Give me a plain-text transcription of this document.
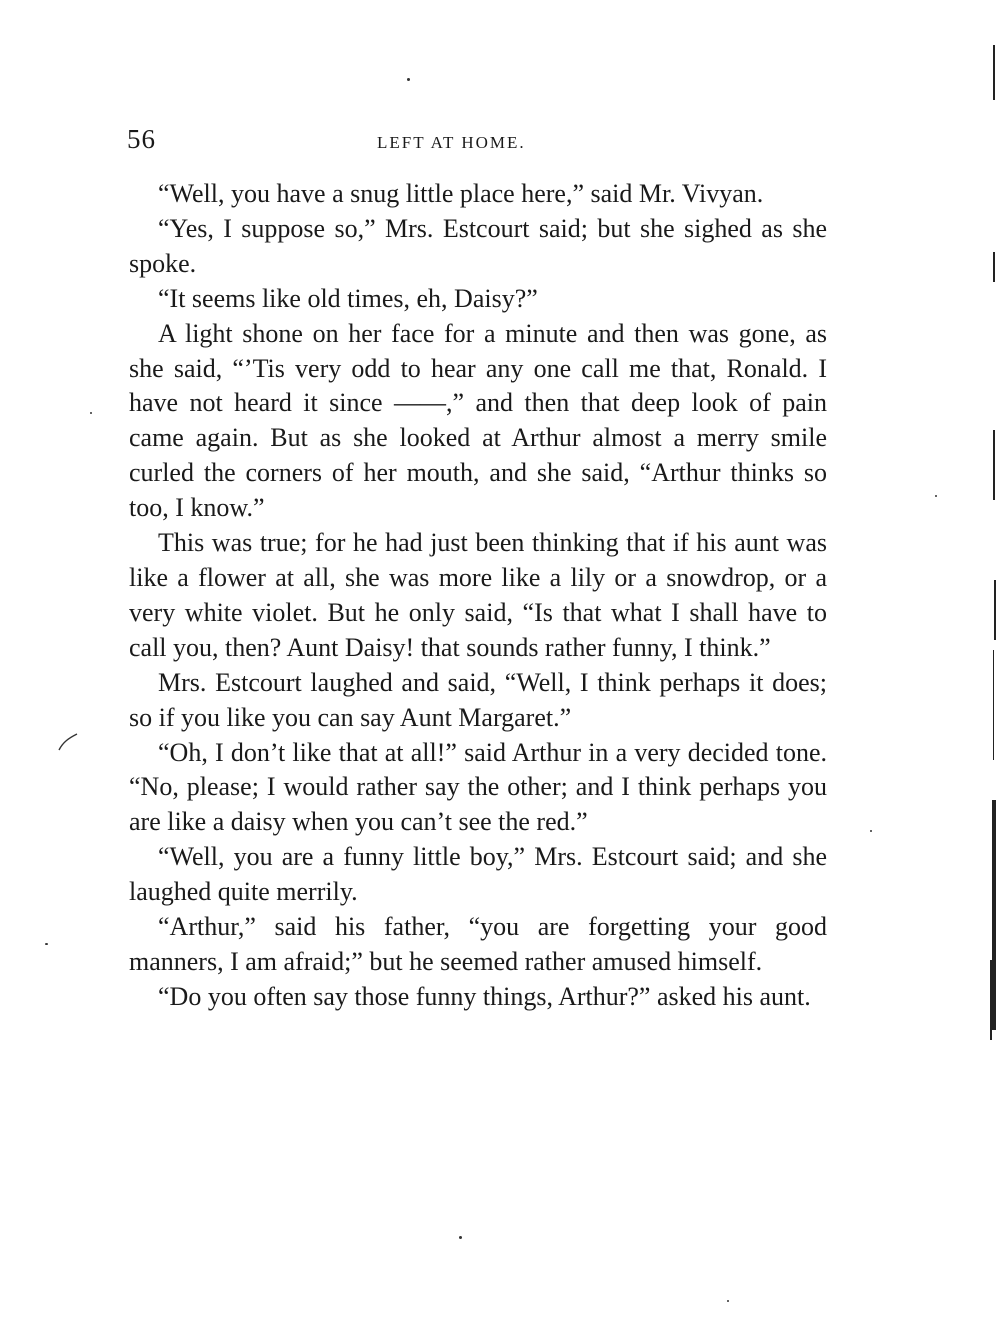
56	LEFT AT HOME.

“Well, you have a snug little place here,” said Mr. Vivyan.

“Yes, I suppose so,” Mrs. Estcourt said; but she sighed as she spoke.

“It seems like old times, eh, Daisy?”

A light shone on her face for a minute and then was gone, as she said, “’Tis very odd to hear any one call me that, Ronald. I have not heard it since ——,” and then that deep look of pain came again. But as she looked at Arthur almost a merry smile curled the corners of her mouth, and she said, “Arthur thinks so too, I know.”

This was true; for he had just been thinking that if his aunt was like a flower at all, she was more like a lily or a snowdrop, or a very white violet. But he only said, “Is that what I shall have to call you, then? Aunt Daisy! that sounds rather funny, I think.”

Mrs. Estcourt laughed and said, “Well, I think perhaps it does; so if you like you can say Aunt Margaret.”

“Oh, I don’t like that at all!” said Arthur in a very decided tone. “No, please; I would rather say the other; and I think perhaps you are like a daisy when you can’t see the red.”

“Well, you are a funny little boy,” Mrs. Estcourt said; and she laughed quite merrily.

“Arthur,” said his father, “you are forgetting your good manners, I am afraid;” but he seemed rather amused himself.

“Do you often say those funny things, Arthur?” asked his aunt.
